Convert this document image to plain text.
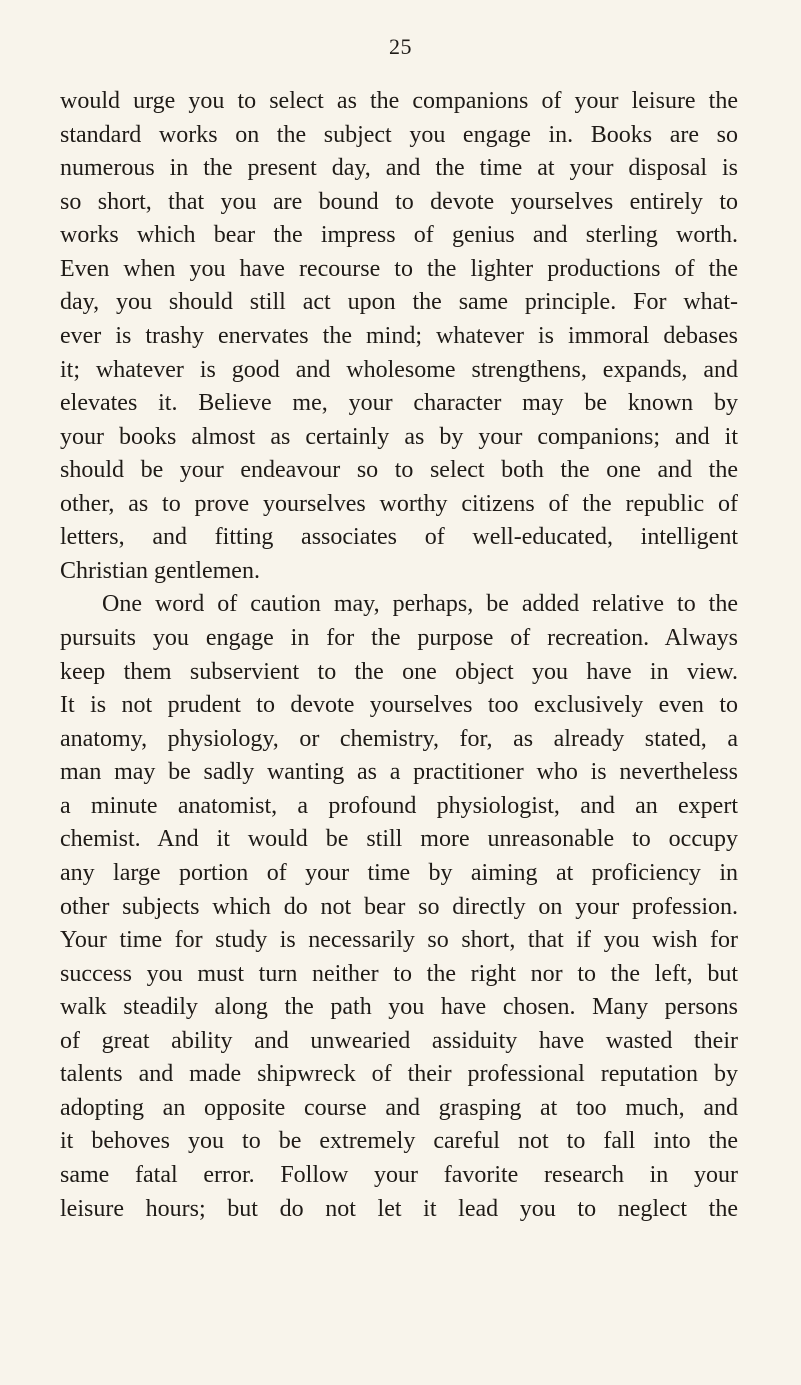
25
would urge you to select as the companions of your leisure the
standard works on the subject you engage in. Books are so
numerous in the present day, and the time at your disposal is
so short, that you are bound to devote yourselves entirely to
works which bear the impress of genius and sterling worth.
Even when you have recourse to the lighter productions of the
day, you should still act upon the same principle. For what-
ever is trashy enervates the mind; whatever is immoral debases
it; whatever is good and wholesome strengthens, expands, and
elevates it. Believe me, your character may be known by
your books almost as certainly as by your companions; and it
should be your endeavour so to select both the one and the
other, as to prove yourselves worthy citizens of the republic of
letters, and fitting associates of well-educated, intelligent
Christian gentlemen.
One word of caution may, perhaps, be added relative to the
pursuits you engage in for the purpose of recreation. Always
keep them subservient to the one object you have in view.
It is not prudent to devote yourselves too exclusively even to
anatomy, physiology, or chemistry, for, as already stated, a
man may be sadly wanting as a practitioner who is nevertheless
a minute anatomist, a profound physiologist, and an expert
chemist. And it would be still more unreasonable to occupy
any large portion of your time by aiming at proficiency in
other subjects which do not bear so directly on your profession.
Your time for study is necessarily so short, that if you wish for
success you must turn neither to the right nor to the left, but
walk steadily along the path you have chosen. Many persons
of great ability and unwearied assiduity have wasted their
talents and made shipwreck of their professional reputation by
adopting an opposite course and grasping at too much, and
it behoves you to be extremely careful not to fall into the
same fatal error. Follow your favorite research in your
leisure hours; but do not let it lead you to neglect the
